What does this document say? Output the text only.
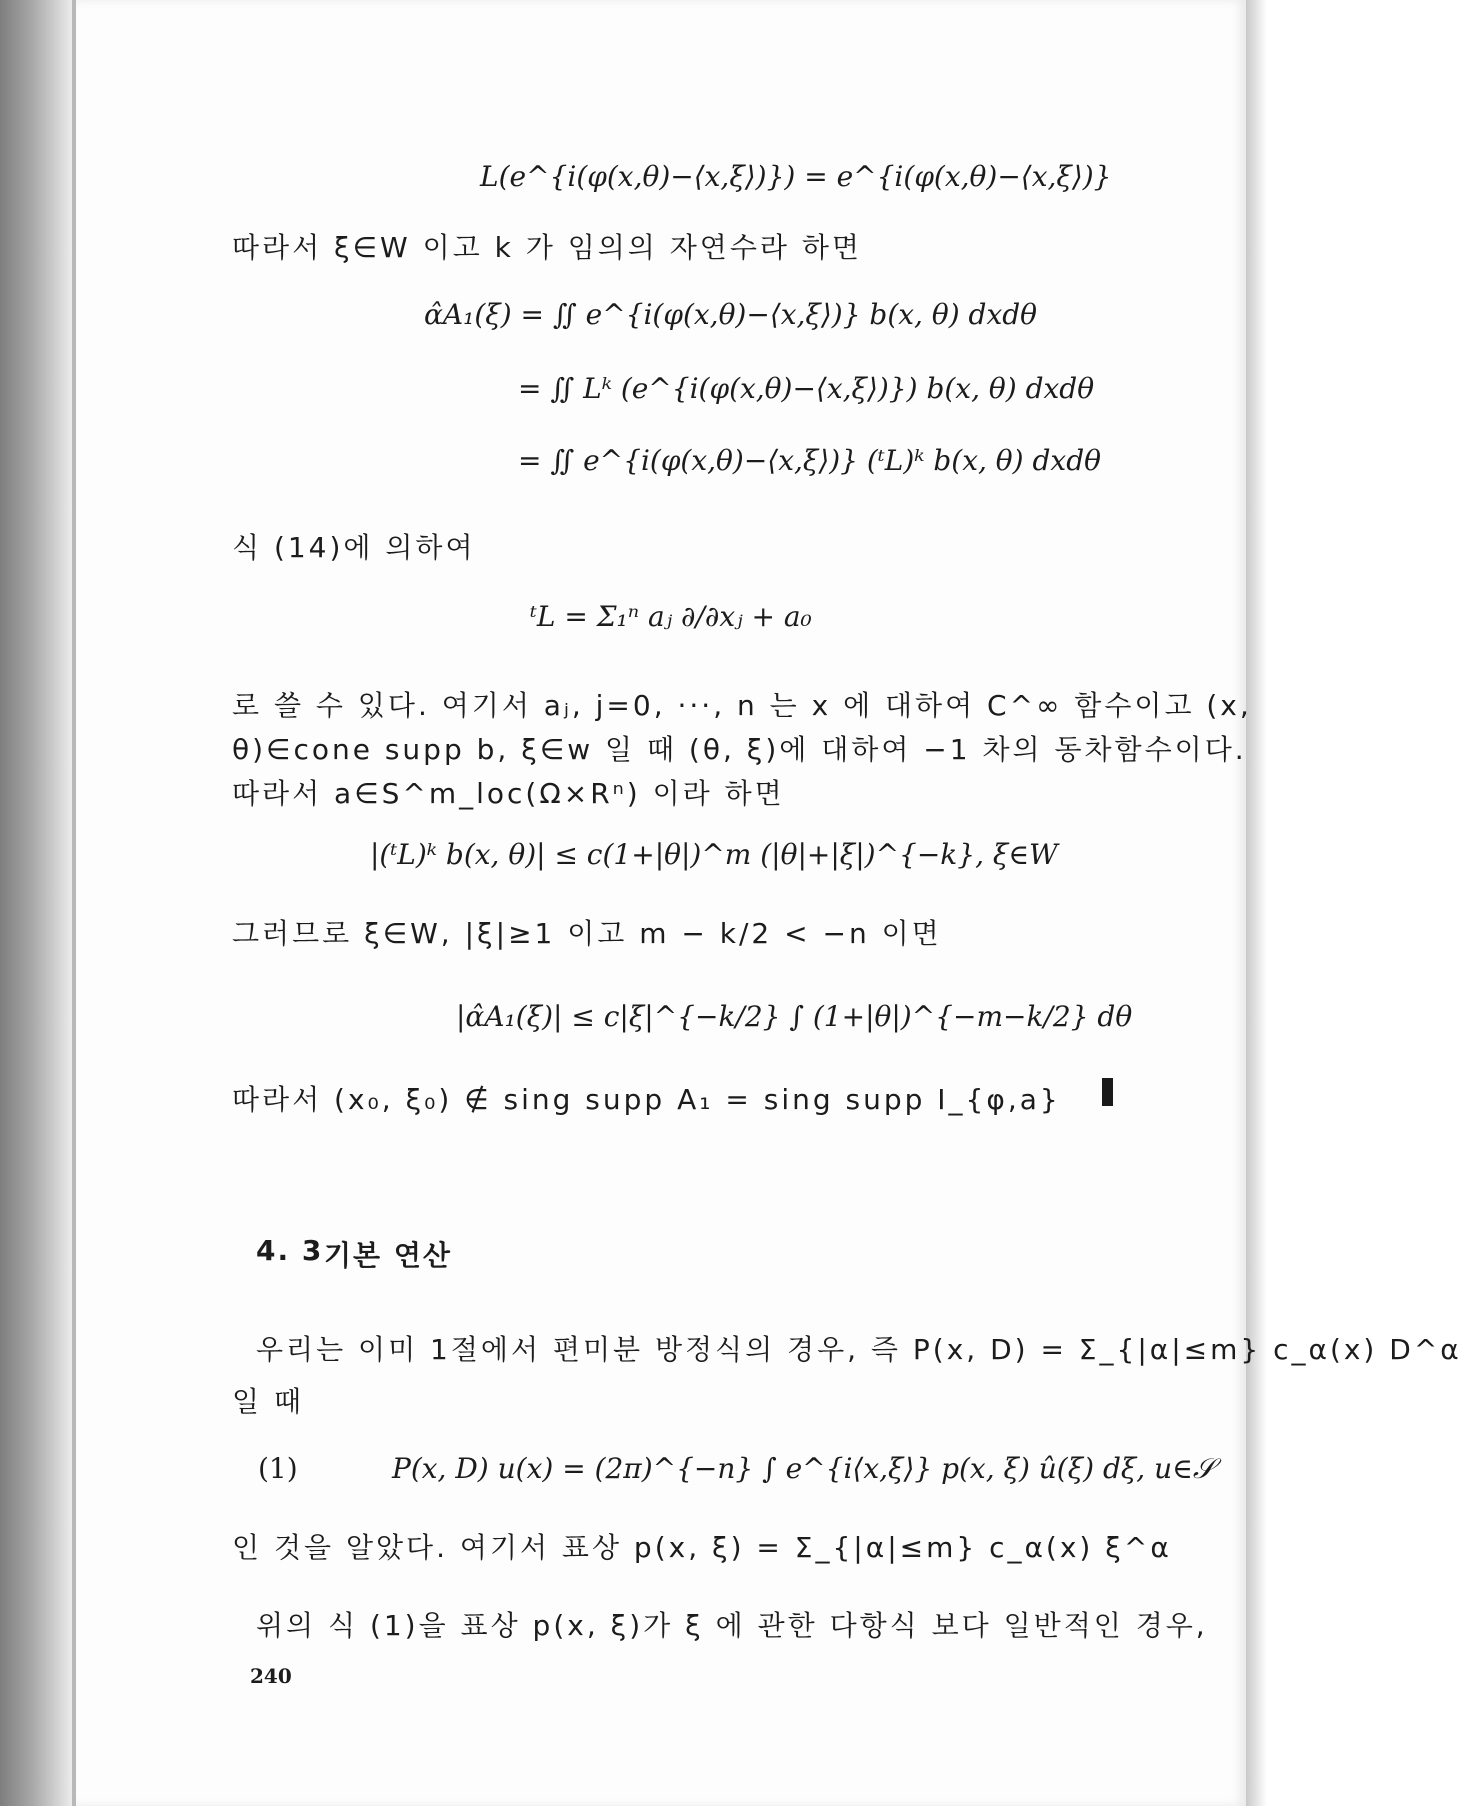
L(e^{i(φ(x,θ)−⟨x,ξ⟩)}) = e^{i(φ(x,θ)−⟨x,ξ⟩)}
따라서 ξ∈W 이고 k 가 임의의 자연수라 하면
α̂A₁(ξ) = ∬ e^{i(φ(x,θ)−⟨x,ξ⟩)} b(x, θ) dxdθ
= ∬ Lᵏ (e^{i(φ(x,θ)−⟨x,ξ⟩)}) b(x, θ) dxdθ
= ∬ e^{i(φ(x,θ)−⟨x,ξ⟩)} (ᵗL)ᵏ b(x, θ) dxdθ
식 (14)에 의하여
ᵗL = Σ₁ⁿ aⱼ ∂/∂xⱼ + a₀
로 쓸 수 있다. 여기서 aⱼ, j=0, ···, n 는 x 에 대하여 C^∞ 함수이고 (x,
θ)∈cone supp b, ξ∈w 일 때 (θ, ξ)에 대하여 −1 차의 동차함수이다.
따라서 a∈S^m_loc(Ω×Rⁿ) 이라 하면
|(ᵗL)ᵏ b(x, θ)| ≤ c(1+|θ|)^m (|θ|+|ξ|)^{−k}, ξ∈W
그러므로 ξ∈W, |ξ|≥1 이고 m − k/2 < −n 이면
|α̂A₁(ξ)| ≤ c|ξ|^{−k/2} ∫ (1+|θ|)^{−m−k/2} dθ
따라서 (x₀, ξ₀) ∉ sing supp A₁ = sing supp I_{φ,a}
4. 3 기본 연산
우리는 이미 1절에서 편미분 방정식의 경우, 즉 P(x, D) = Σ_{|α|≤m} c_α(x) D^α
일 때
(1)	P(x, D) u(x) = (2π)^{−n} ∫ e^{i⟨x,ξ⟩} p(x, ξ) û(ξ) dξ, u∈𝒮
인 것을 알았다. 여기서 표상 p(x, ξ) = Σ_{|α|≤m} c_α(x) ξ^α
위의 식 (1)을 표상 p(x, ξ)가 ξ 에 관한 다항식 보다 일반적인 경우,
240
